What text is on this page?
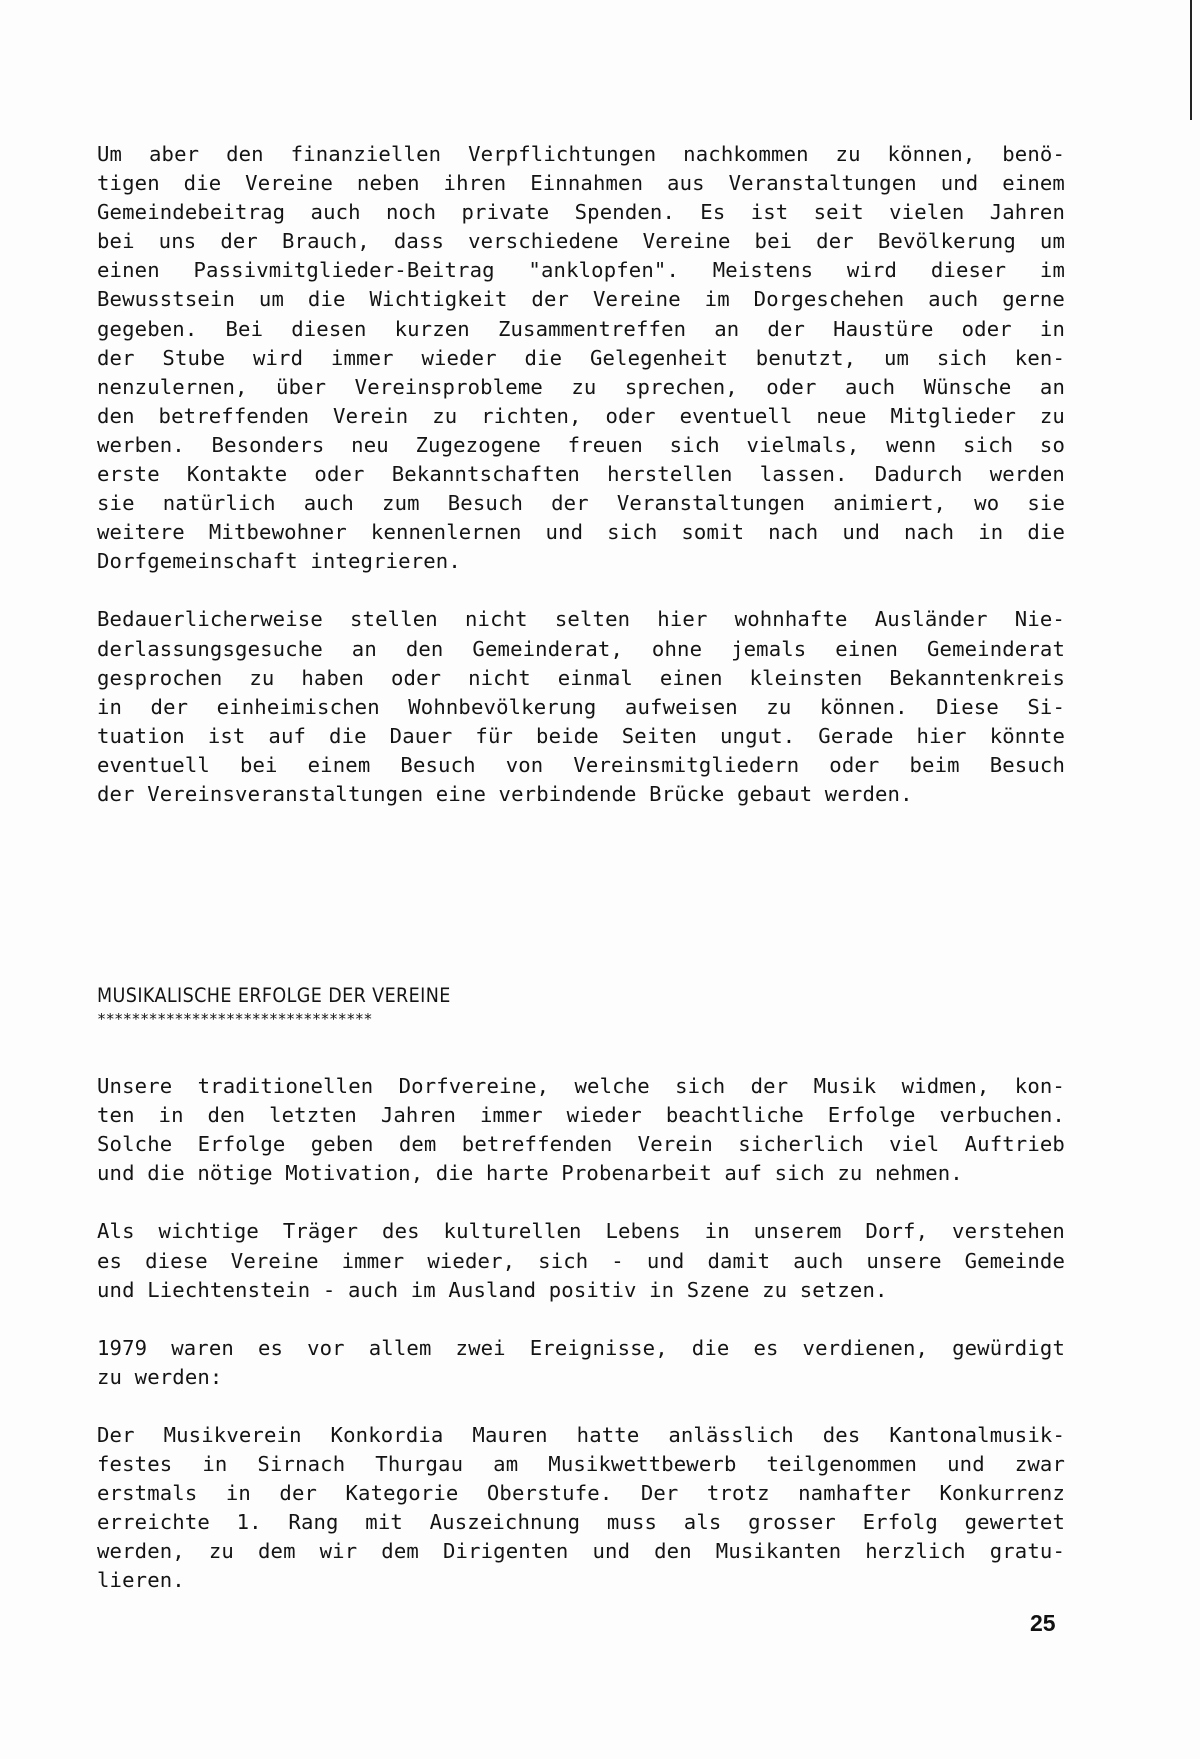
Um aber den finanziellen Verpflichtungen nachkommen zu können, benö-
tigen die Vereine neben ihren Einnahmen aus Veranstaltungen und einem
Gemeindebeitrag auch noch private Spenden. Es ist seit vielen Jahren
bei uns der Brauch, dass verschiedene Vereine bei der Bevölkerung um
einen Passivmitglieder-Beitrag "anklopfen". Meistens wird dieser im
Bewusstsein um die Wichtigkeit der Vereine im Dorgeschehen auch gerne
gegeben. Bei diesen kurzen Zusammentreffen an der Haustüre oder in
der Stube wird immer wieder die Gelegenheit benutzt, um sich ken-
nenzulernen, über Vereinsprobleme zu sprechen, oder auch Wünsche an
den betreffenden Verein zu richten, oder eventuell neue Mitglieder zu
werben. Besonders neu Zugezogene freuen sich vielmals, wenn sich so
erste Kontakte oder Bekanntschaften herstellen lassen. Dadurch werden
sie natürlich auch zum Besuch der Veranstaltungen animiert, wo sie
weitere Mitbewohner kennenlernen und sich somit nach und nach in die
Dorfgemeinschaft integrieren.
Bedauerlicherweise stellen nicht selten hier wohnhafte Ausländer Nie-
derlassungsgesuche an den Gemeinderat, ohne jemals einen Gemeinderat
gesprochen zu haben oder nicht einmal einen kleinsten Bekanntenkreis
in der einheimischen Wohnbevölkerung aufweisen zu können. Diese Si-
tuation ist auf die Dauer für beide Seiten ungut. Gerade hier könnte
eventuell bei einem Besuch von Vereinsmitgliedern oder beim Besuch
der Vereinsveranstaltungen eine verbindende Brücke gebaut werden.
MUSIKALISCHE ERFOLGE DER VEREINE
********************************
Unsere traditionellen Dorfvereine, welche sich der Musik widmen, kon-
ten in den letzten Jahren immer wieder beachtliche Erfolge verbuchen.
Solche Erfolge geben dem betreffenden Verein sicherlich viel Auftrieb
und die nötige Motivation, die harte Probenarbeit auf sich zu nehmen.
Als wichtige Träger des kulturellen Lebens in unserem Dorf, verstehen
es diese Vereine immer wieder, sich - und damit auch unsere Gemeinde
und Liechtenstein - auch im Ausland positiv in Szene zu setzen.
1979 waren es vor allem zwei Ereignisse, die es verdienen, gewürdigt
zu werden:
Der Musikverein Konkordia Mauren hatte anlässlich des Kantonalmusik-
festes in Sirnach Thurgau am Musikwettbewerb teilgenommen und zwar
erstmals in der Kategorie Oberstufe. Der trotz namhafter Konkurrenz
erreichte 1. Rang mit Auszeichnung muss als grosser Erfolg gewertet
werden, zu dem wir dem Dirigenten und den Musikanten herzlich gratu-
lieren.
25
